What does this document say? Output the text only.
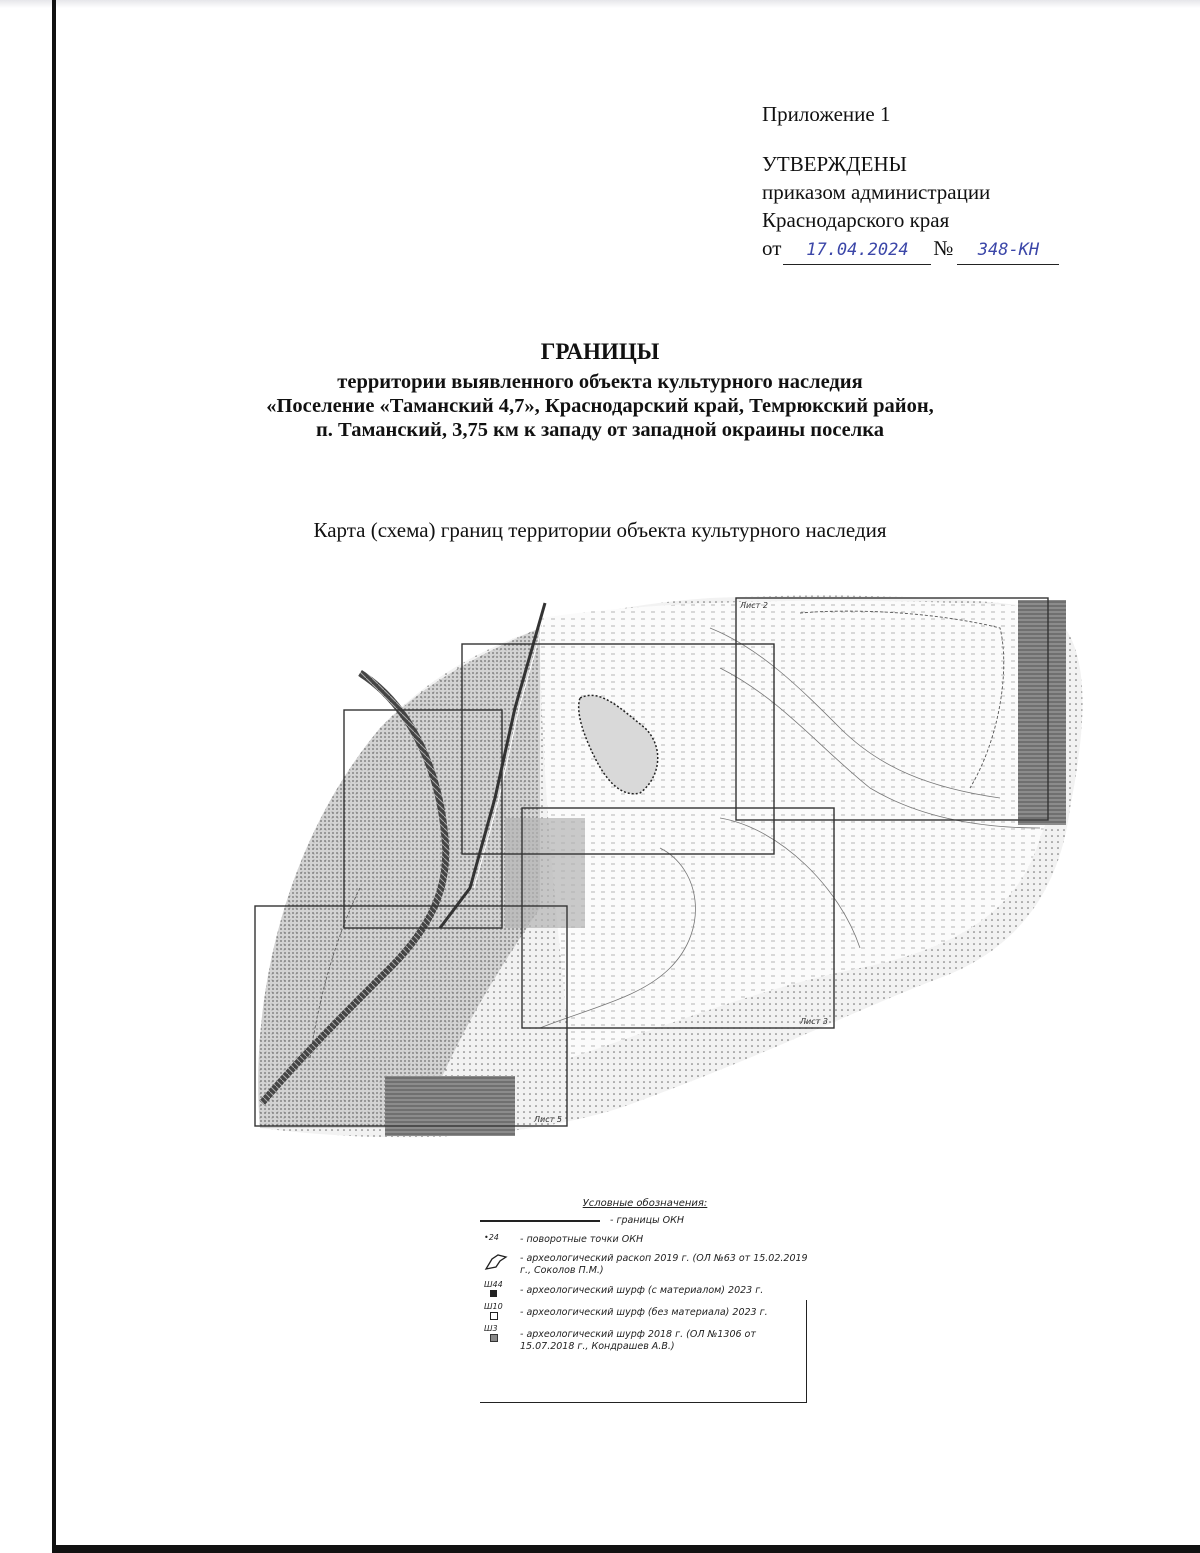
Приложение 1
УТВЕРЖДЕНЫ
приказом администрации
Краснодарского края
от 17.04.2024 № 348-КН
ГРАНИЦЫ
территории выявленного объекта культурного наследия
«Поселение «Таманский 4,7», Краснодарский край, Темрюкский район,
п. Таманский, 3,75 км к западу от западной окраины поселка
Карта (схема) границ территории объекта культурного наследия
Лист 2
Лист 3
Лист 5
Условные обозначения:
- границы ОКН
•24 - поворотные точки ОКН
- археологический раскоп 2019 г. (ОЛ №63 от 15.02.2019 г., Соколов П.М.)
Ш44
- археологический шурф (с материалом) 2023 г.
Ш10
- археологический шурф (без материала) 2023 г.
Ш3
- археологический шурф 2018 г. (ОЛ №1306 от 15.07.2018 г., Кондрашев А.В.)
